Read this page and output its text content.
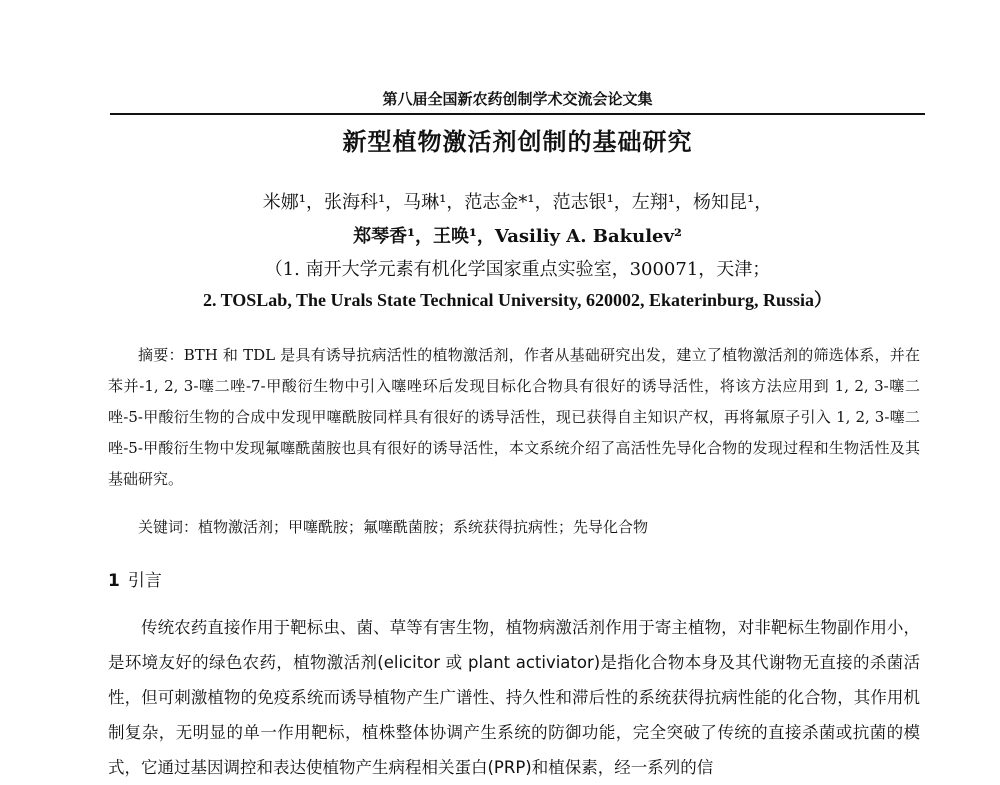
第八届全国新农药创制学术交流会论文集
新型植物激活剂创制的基础研究
米娜¹，张海科¹，马琳¹，范志金*¹，范志银¹，左翔¹，杨知昆¹，
郑琴香¹，王唤¹，Vasiliy A. Bakulev²
（1. 南开大学元素有机化学国家重点实验室，300071，天津；
2. TOSLab, The Urals State Technical University, 620002, Ekaterinburg, Russia）
摘要：BTH 和 TDL 是具有诱导抗病活性的植物激活剂，作者从基础研究出发，建立了植物激活剂的筛选体系，并在苯并-1, 2, 3-噻二唑-7-甲酸衍生物中引入噻唑环后发现目标化合物具有很好的诱导活性，将该方法应用到 1, 2, 3-噻二唑-5-甲酸衍生物的合成中发现甲噻酰胺同样具有很好的诱导活性，现已获得自主知识产权，再将氟原子引入 1, 2, 3-噻二唑-5-甲酸衍生物中发现氟噻酰菌胺也具有很好的诱导活性，本文系统介绍了高活性先导化合物的发现过程和生物活性及其基础研究。
关键词：植物激活剂；甲噻酰胺；氟噻酰菌胺；系统获得抗病性；先导化合物
1 引言
传统农药直接作用于靶标虫、菌、草等有害生物，植物病激活剂作用于寄主植物，对非靶标生物副作用小，是环境友好的绿色农药，植物激活剂(elicitor 或 plant activiator)是指化合物本身及其代谢物无直接的杀菌活性，但可刺激植物的免疫系统而诱导植物产生广谱性、持久性和滞后性的系统获得抗病性能的化合物，其作用机制复杂，无明显的单一作用靶标，植株整体协调产生系统的防御功能，完全突破了传统的直接杀菌或抗菌的模式，它通过基因调控和表达使植物产生病程相关蛋白(PRP)和植保素，经一系列的信
